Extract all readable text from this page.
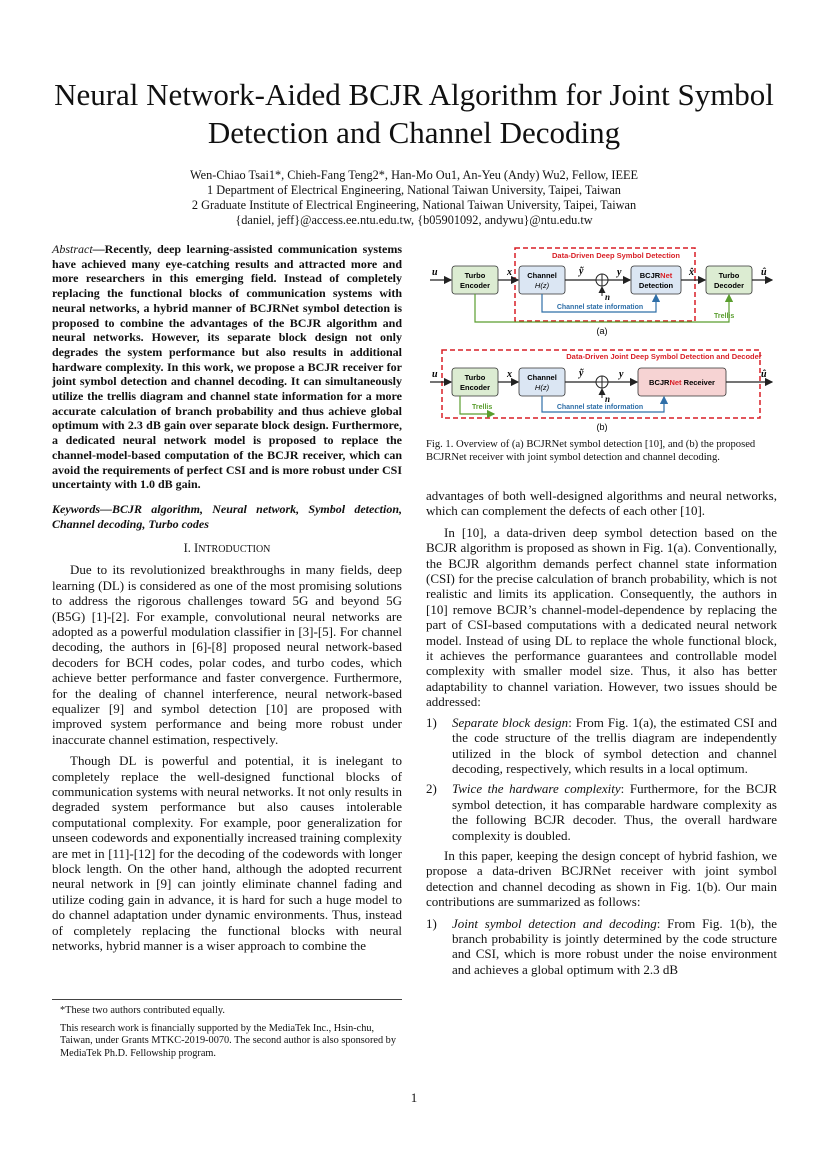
Neural Network-Aided BCJR Algorithm for Joint Symbol Detection and Channel Decoding
Wen-Chiao Tsai1*, Chieh-Fang Teng2*, Han-Mo Ou1, An-Yeu (Andy) Wu2, Fellow, IEEE
1 Department of Electrical Engineering, National Taiwan University, Taipei, Taiwan
2 Graduate Institute of Electrical Engineering, National Taiwan University, Taipei, Taiwan
{daniel, jeff}@access.ee.ntu.edu.tw, {b05901092, andywu}@ntu.edu.tw

Abstract—Recently, deep learning-assisted communication systems have achieved many eye-catching results and attracted more and more researchers in this emerging field. Instead of completely replacing the functional blocks of communication systems with neural networks, a hybrid manner of BCJRNet symbol detection is proposed to combine the advantages of the BCJR algorithm and neural networks. However, its separate block design not only degrades the system performance but also results in additional hardware complexity. In this work, we propose a BCJR receiver for joint symbol detection and channel decoding. It can simultaneously utilize the trellis diagram and channel state information for a more accurate calculation of branch probability and thus achieve global optimum with 2.3 dB gain over separate block design. Furthermore, a dedicated neural network model is proposed to replace the channel-model-based computation of the BCJR receiver, which can avoid the requirements of perfect CSI and is more robust under CSI uncertainty with 1.0 dB gain.

Keywords—BCJR algorithm, Neural network, Symbol detection, Channel decoding, Turbo codes

I. INTRODUCTION

Due to its revolutionized breakthroughs in many fields, deep learning (DL) is considered as one of the most promising solutions to address the rigorous challenges toward 5G and beyond 5G (B5G) [1]-[2]. For example, convolutional neural networks are adopted as a powerful modulation classifier in [3]-[5]. For channel decoding, the authors in [6]-[8] proposed neural network-based decoders for BCH codes, polar codes, and turbo codes, which achieve better performance and faster convergence. Furthermore, for the dealing of channel interference, neural network-based equalizer [9] and symbol detection [10] are proposed with improved system performance and being more robust under inaccurate channel estimation, respectively.

Though DL is powerful and potential, it is inelegant to completely replace the well-designed functional blocks of communication systems with neural networks. It not only results in degraded system performance but also causes intolerable computational complexity. For example, poor generalization for unseen codewords and exponentially increased training complexity are met in [11]-[12] for the decoding of the codewords with longer block length. On the other hand, although the adopted recurrent neural network in [9] can jointly eliminate channel fading and utilize coding gain in advance, it is hard for such a huge model to do channel adaptation under dynamic environments. Thus, instead of completely replacing the functional blocks with neural networks, hybrid manner is a wiser approach to combine the

*These two authors contributed equally.

This research work is financially supported by the MediaTek Inc., Hsin-chu, Taiwan, under Grants MTKC-2019-0070. The second author is also sponsored by MediaTek Ph.D. Fellowship program.

Data-Driven Deep Symbol Detection
u	Turbo
Encoder
x Channel
H(z)
ỹ
n
y BCJRNet
Detection
x̂	Turbo
Decoder
û
Channel state information
Trellis
(a)
Data-Driven Joint Deep Symbol Detection and Decoder
u	Turbo
Encoder
x Channel
H(z)
ỹ
n
y
BCJRNet Receiver
û
Channel state information
Trellis
(b)
Fig. 1. Overview of (a) BCJRNet symbol detection [10], and (b) the proposed BCJRNet receiver with joint symbol detection and channel decoding.

advantages of both well-designed algorithms and neural networks, which can complement the defects of each other [10].

In [10], a data-driven deep symbol detection based on the BCJR algorithm is proposed as shown in Fig. 1(a). Conventionally, the BCJR algorithm demands perfect channel state information (CSI) for the precise calculation of branch probability, which is not realistic and limits its application. Consequently, the authors in [10] remove BCJR’s channel-model-dependence by replacing the part of CSI-based computations with a dedicated neural network model. Instead of using DL to replace the whole functional block, it achieves the performance guarantees and controllable model complexity with smaller model size. Thus, it also has better adaptability to channel variation. However, two issues should be addressed:

1)	Separate block design: From Fig. 1(a), the estimated CSI and the code structure of the trellis diagram are independently utilized in the block of symbol detection and channel decoding, respectively, which results in a local optimum.
2)	Twice the hardware complexity: Furthermore, for the BCJR symbol detection, it has comparable hardware complexity as the following BCJR decoder. Thus, the overall hardware complexity is doubled.

In this paper, keeping the design concept of hybrid fashion, we propose a data-driven BCJRNet receiver with joint symbol detection and channel decoding as shown in Fig. 1(b). Our main contributions are summarized as follows:

1)	Joint symbol detection and decoding: From Fig. 1(b), the branch probability is jointly determined by the code structure and CSI, which is more robust under the noise environment and achieves a global optimum with 2.3 dB
1
